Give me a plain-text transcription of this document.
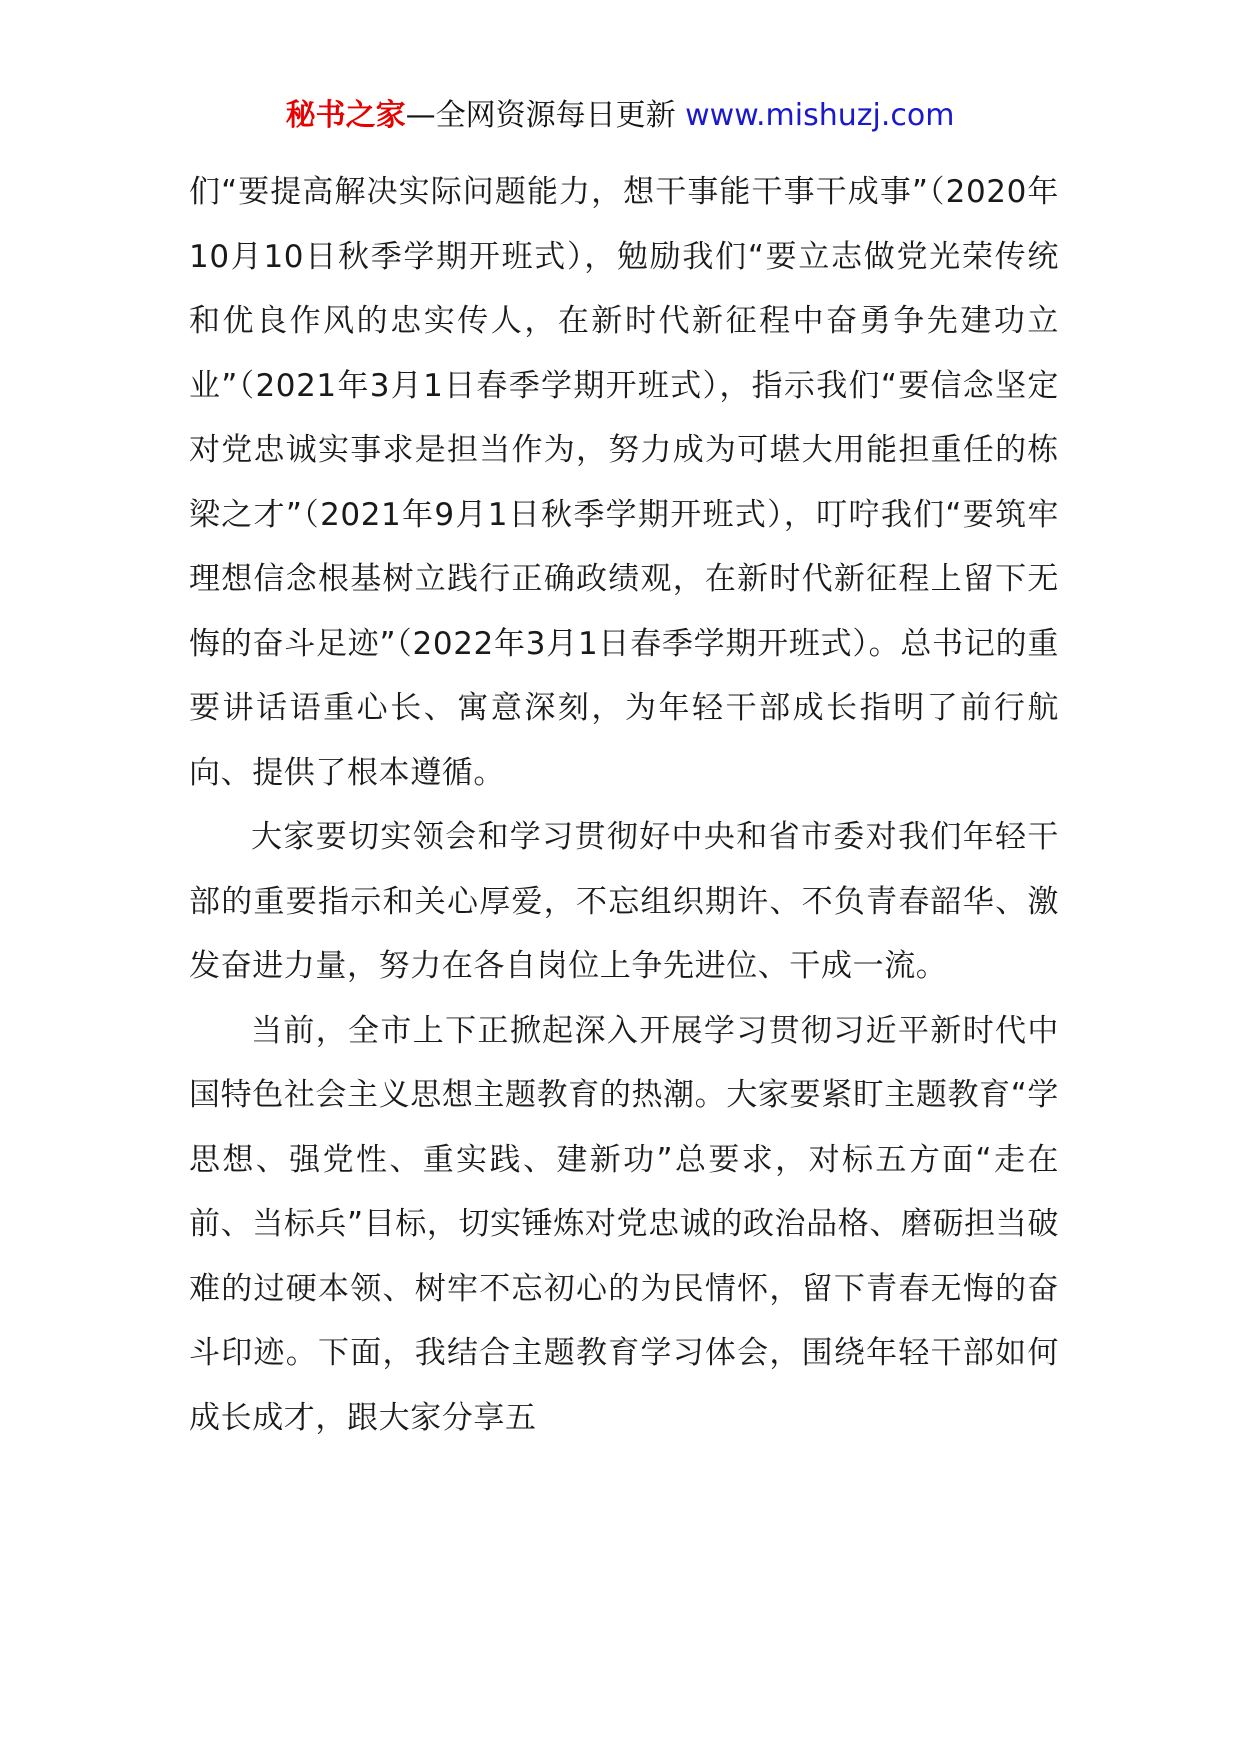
秘书之家—全网资源每日更新 www.mishuzj.com

们“要提高解决实际问题能力，想干事能干事干成事”（2020年10月10日秋季学期开班式），勉励我们“要立志做党光荣传统和优良作风的忠实传人，在新时代新征程中奋勇争先建功立业”（2021年3月1日春季学期开班式），指示我们“要信念坚定对党忠诚实事求是担当作为，努力成为可堪大用能担重任的栋梁之才”（2021年9月1日秋季学期开班式），叮咛我们“要筑牢理想信念根基树立践行正确政绩观，在新时代新征程上留下无悔的奋斗足迹”（2022年3月1日春季学期开班式）。总书记的重要讲话语重心长、寓意深刻，为年轻干部成长指明了前行航向、提供了根本遵循。

大家要切实领会和学习贯彻好中央和省市委对我们年轻干部的重要指示和关心厚爱，不忘组织期许、不负青春韶华、激发奋进力量，努力在各自岗位上争先进位、干成一流。

当前，全市上下正掀起深入开展学习贯彻习近平新时代中国特色社会主义思想主题教育的热潮。大家要紧盯主题教育“学思想、强党性、重实践、建新功”总要求，对标五方面“走在前、当标兵”目标，切实锤炼对党忠诚的政治品格、磨砺担当破难的过硬本领、树牢不忘初心的为民情怀，留下青春无悔的奋斗印迹。下面，我结合主题教育学习体会，围绕年轻干部如何成长成才，跟大家分享五
